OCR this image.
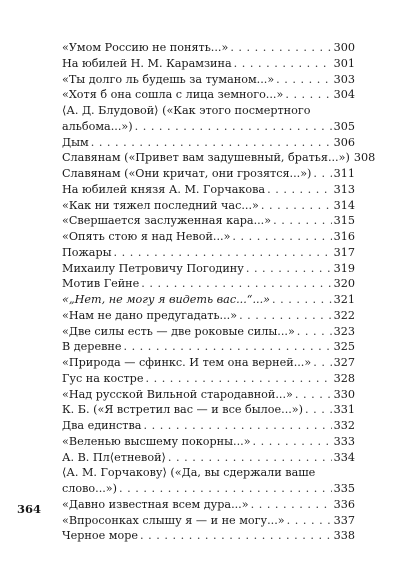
«Умом Россию не понять...» . . .	300
На юбилей Н. М. Карамзина . . .	301
«Ты долго ль будешь за туманом...» . . .	303
«Хотя б она сошла с лица земного...» . . .	304
⟨А. Д. Блудовой⟩ («Как этого посмертного
альбома...») . . .	305
Дым . . .	306
Славянам («Привет вам задушевный, братья...») 308
Славянам («Они кричат, они грозятся...») . . . 311
На юбилей князя А. М. Горчакова . . .	313
«Как ни тяжел последний час...» . . .	314
«Свершается заслуженная кара...» . . .	315
«Опять стою я над Невой...» . . .	316
Пожары . . .	317
Михаилу Петровичу Погодину . . .	319
Мотив Гейне . . .	320
«„Нет, не могу я видеть вас...“...» . . .	321
«Нам не дано предугадать...» . . .	322
«Две силы есть — две роковые силы...» . . .	323
В деревне . . .	325
«Природа — сфинкс. И тем она верней...» . . . 327
Гус на костре . . .	328
«Над русской Вильной стародавной...» . . .	330
К. Б. («Я встретил вас — и все былое...») . . .	331
Два единства . . .	332
«Веленью высшему покорны...» . . .	333
А. В. Пл⟨етневой⟩ . . .	334
⟨А. М. Горчакову⟩ («Да, вы сдержали ваше
слово...») . . .	335
«Давно известная всем дура...» . . .	336
«Впросонках слышу я — и не могу...» . . .	337
Черное море . . .	338
364
